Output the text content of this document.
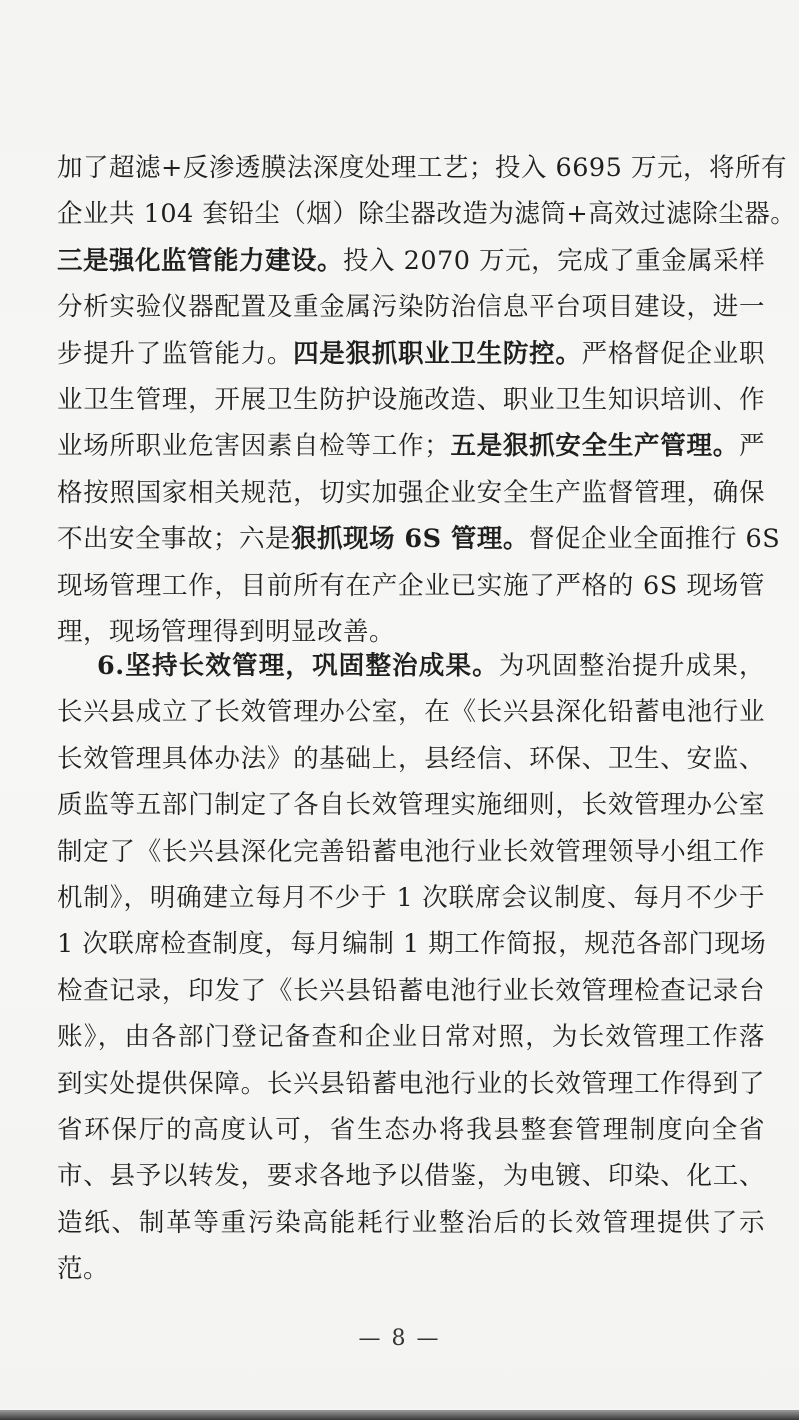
加了超滤+反渗透膜法深度处理工艺；投入 6695 万元，将所有
企业共 104 套铅尘（烟）除尘器改造为滤筒+高效过滤除尘器。
三是强化监管能力建设。投入 2070 万元，完成了重金属采样
分析实验仪器配置及重金属污染防治信息平台项目建设，进一
步提升了监管能力。四是狠抓职业卫生防控。严格督促企业职
业卫生管理，开展卫生防护设施改造、职业卫生知识培训、作
业场所职业危害因素自检等工作；五是狠抓安全生产管理。严
格按照国家相关规范，切实加强企业安全生产监督管理，确保
不出安全事故；六是狠抓现场 6S 管理。督促企业全面推行 6S
现场管理工作，目前所有在产企业已实施了严格的 6S 现场管
理，现场管理得到明显改善。
6.坚持长效管理，巩固整治成果。为巩固整治提升成果，
长兴县成立了长效管理办公室，在《长兴县深化铅蓄电池行业
长效管理具体办法》的基础上，县经信、环保、卫生、安监、
质监等五部门制定了各自长效管理实施细则，长效管理办公室
制定了《长兴县深化完善铅蓄电池行业长效管理领导小组工作
机制》，明确建立每月不少于 1 次联席会议制度、每月不少于
1 次联席检查制度，每月编制 1 期工作简报，规范各部门现场
检查记录，印发了《长兴县铅蓄电池行业长效管理检查记录台
账》，由各部门登记备查和企业日常对照，为长效管理工作落
到实处提供保障。长兴县铅蓄电池行业的长效管理工作得到了
省环保厅的高度认可，省生态办将我县整套管理制度向全省
市、县予以转发，要求各地予以借鉴，为电镀、印染、化工、
造纸、制革等重污染高能耗行业整治后的长效管理提供了示
范。
— 8 —
